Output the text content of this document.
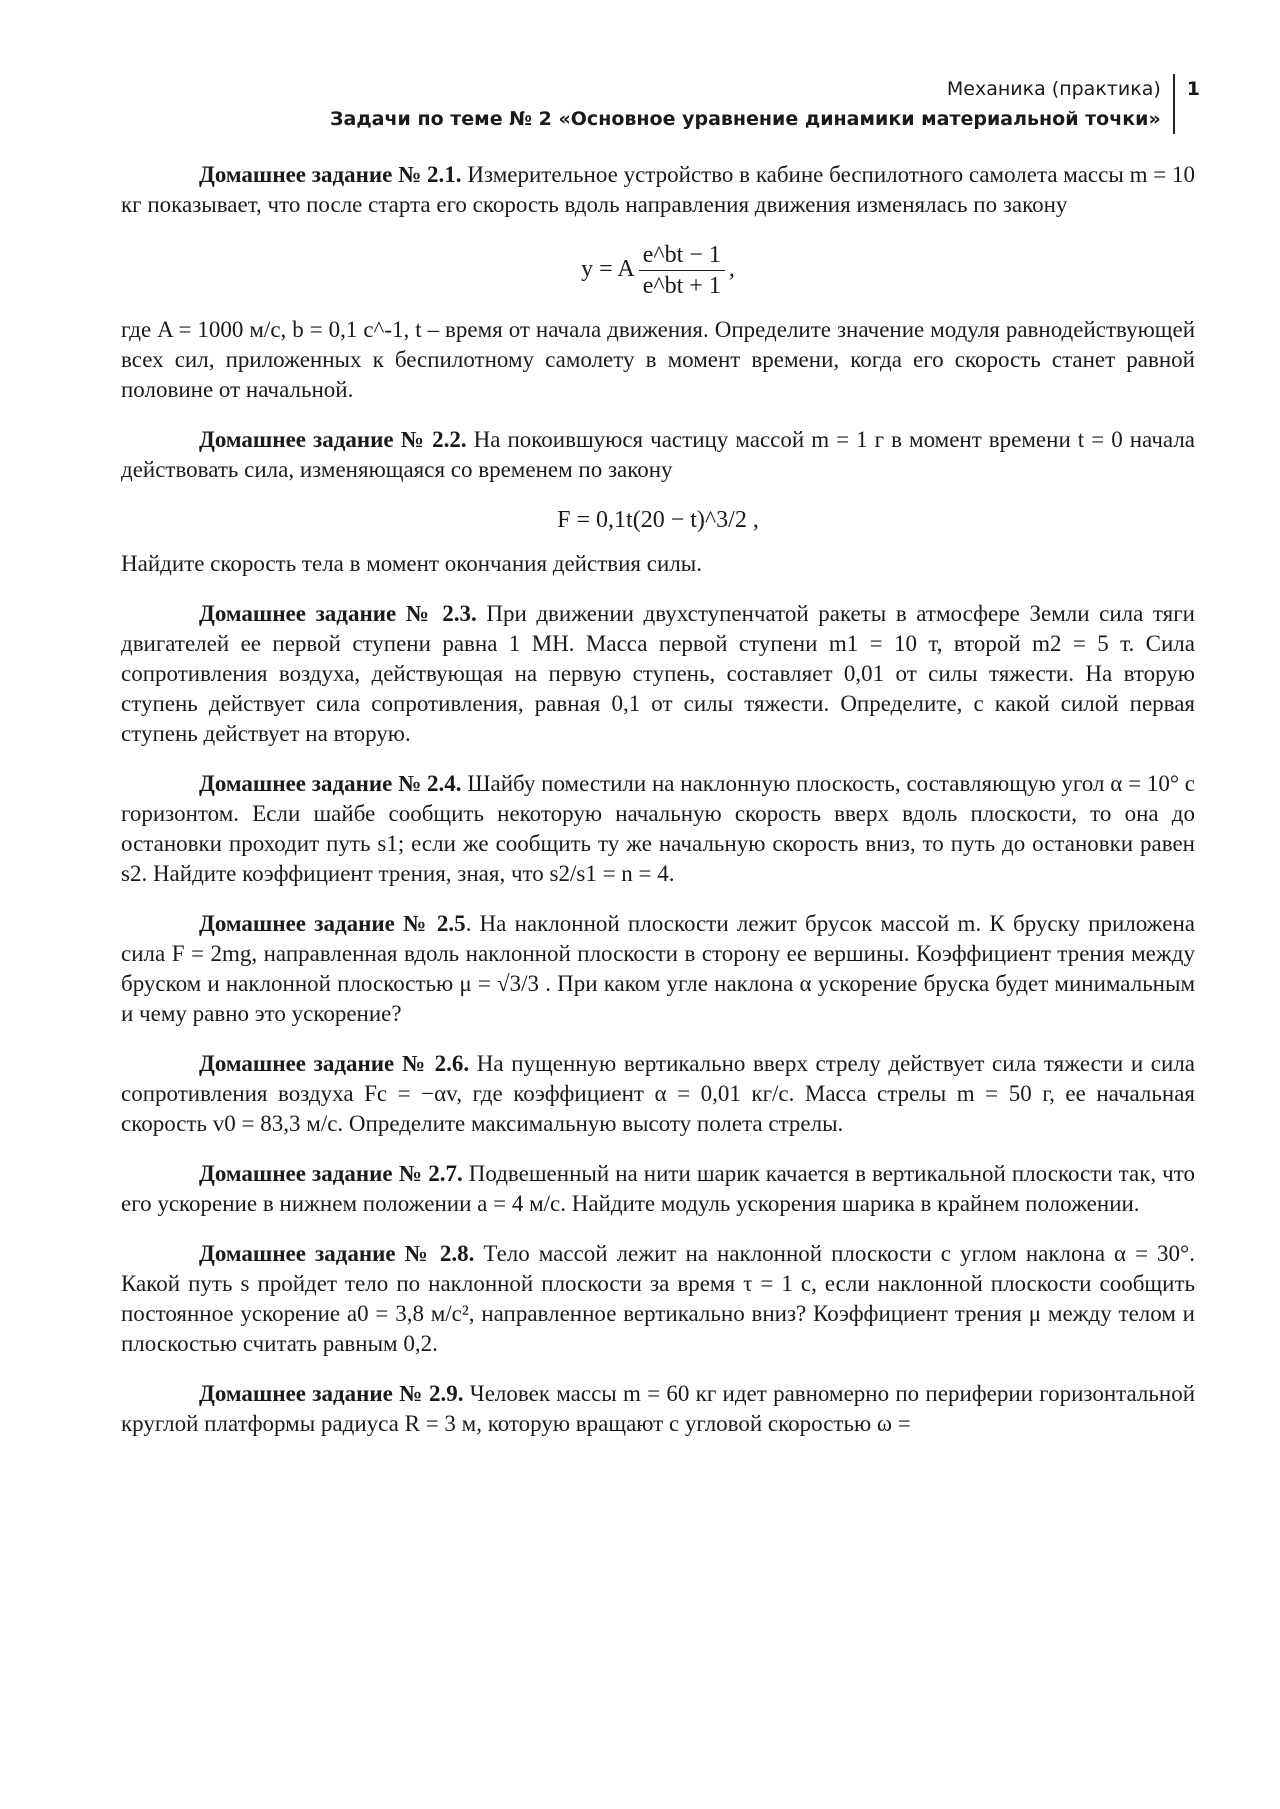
Механика (практика)
Задачи по теме № 2 «Основное уравнение динамики материальной точки»
1

Домашнее задание № 2.1. Измерительное устройство в кабине беспилотного самолета массы m = 10 кг показывает, что после старта его скорость вдоль направления движения изменялась по закону

y = A $\frac{e\^{}bt - 1}{e\^{}bt + 1}$ ,

где A = 1000 м/с, b = 0,1 с^-1, t – время от начала движения. Определите значение модуля равнодействующей всех сил, приложенных к беспилотному самолету в момент времени, когда его скорость станет равной половине от начальной.

Домашнее задание № 2.2. На покоившуюся частицу массой m = 1 г в момент времени t = 0 начала действовать сила, изменяющаяся со временем по закону

F = 0,1t(20 − t)^3/2 ,

Найдите скорость тела в момент окончания действия силы.

Домашнее задание № 2.3. При движении двухступенчатой ракеты в атмосфере Земли сила тяги двигателей ее первой ступени равна 1 МН. Масса первой ступени m1 = 10 т, второй m2 = 5 т. Сила сопротивления воздуха, действующая на первую ступень, составляет 0,01 от силы тяжести. На вторую ступень действует сила сопротивления, равная 0,1 от силы тяжести. Определите, с какой силой первая ступень действует на вторую.

Домашнее задание № 2.4. Шайбу поместили на наклонную плоскость, составляющую угол α = 10° с горизонтом. Если шайбе сообщить некоторую начальную скорость вверх вдоль плоскости, то она до остановки проходит путь s1; если же сообщить ту же начальную скорость вниз, то путь до остановки равен s2. Найдите коэффициент трения, зная, что s2/s1 = n = 4.

Домашнее задание № 2.5. На наклонной плоскости лежит брусок массой m. К бруску приложена сила F = 2mg, направленная вдоль наклонной плоскости в сторону ее вершины. Коэффициент трения между бруском и наклонной плоскостью μ = √3/3 . При каком угле наклона α ускорение бруска будет минимальным и чему равно это ускорение?

Домашнее задание № 2.6. На пущенную вертикально вверх стрелу действует сила тяжести и сила сопротивления воздуха Fс = −αv, где коэффициент α = 0,01 кг/с. Масса стрелы m = 50 г, ее начальная скорость v0 = 83,3 м/с. Определите максимальную высоту полета стрелы.

Домашнее задание № 2.7. Подвешенный на нити шарик качается в вертикальной плоскости так, что его ускорение в нижнем положении a = 4 м/с. Найдите модуль ускорения шарика в крайнем положении.

Домашнее задание № 2.8. Тело массой лежит на наклонной плоскости с углом наклона α = 30°. Какой путь s пройдет тело по наклонной плоскости за время τ = 1 с, если наклонной плоскости сообщить постоянное ускорение a0 = 3,8 м/с², направленное вертикально вниз? Коэффициент трения μ между телом и плоскостью считать равным 0,2.

Домашнее задание № 2.9. Человек массы m = 60 кг идет равномерно по периферии горизонтальной круглой платформы радиуса R = 3 м, которую вращают с угловой скоростью ω =
